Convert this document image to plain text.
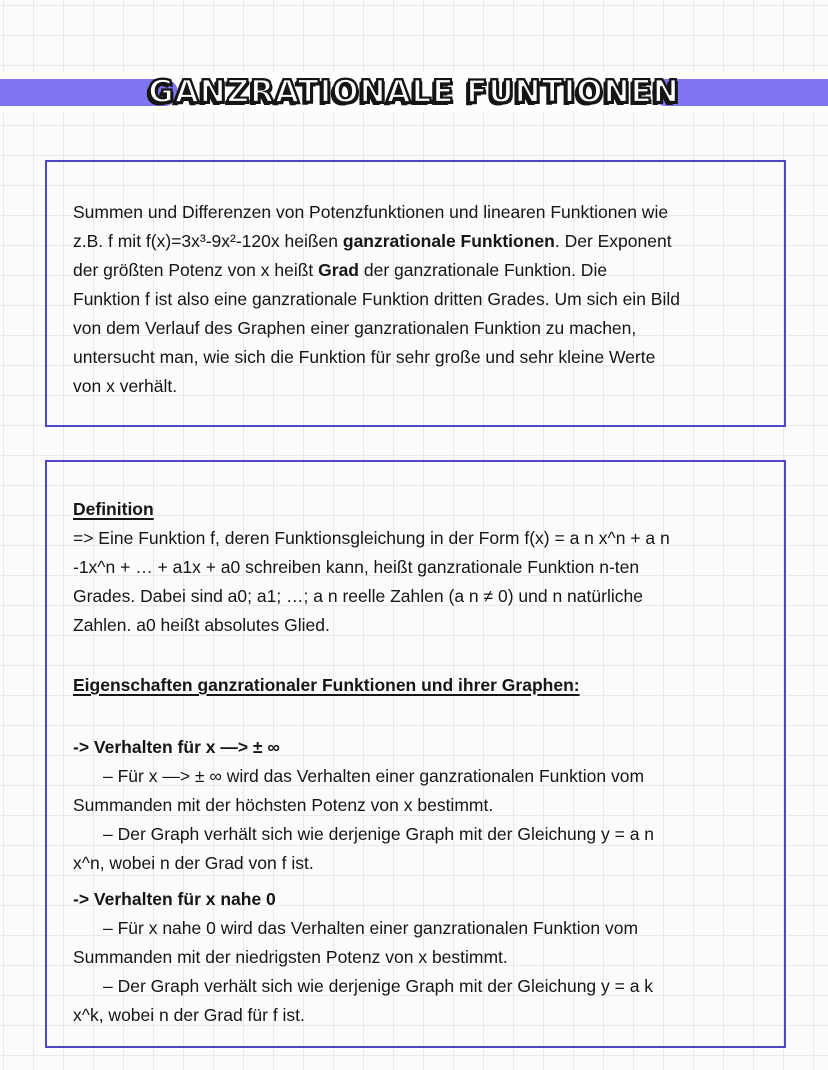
GANZRATIONALE FUNTIONEN
Summen und Differenzen von Potenzfunktionen und linearen Funktionen wie
z.B. f mit f(x)=3x³-9x²-120x heißen ganzrationale Funktionen. Der Exponent
der größten Potenz von x heißt Grad der ganzrationale Funktion. Die
Funktion f ist also eine ganzrationale Funktion dritten Grades. Um sich ein Bild
von dem Verlauf des Graphen einer ganzrationalen Funktion zu machen,
untersucht man, wie sich die Funktion für sehr große und sehr kleine Werte
von x verhält.
Definition
=> Eine Funktion f, deren Funktionsgleichung in der Form f(x) = a n x^n + a n
-1x^n + … + a1x + a0 schreiben kann, heißt ganzrationale Funktion n-ten
Grades. Dabei sind a0; a1; …; a n reelle Zahlen (a n ≠ 0) und n natürliche
Zahlen. a0 heißt absolutes Glied.
Eigenschaften ganzrationaler Funktionen und ihrer Graphen:
-> Verhalten für x —> ± ∞
– Für x —> ± ∞ wird das Verhalten einer ganzrationalen Funktion vom
Summanden mit der höchsten Potenz von x bestimmt.
– Der Graph verhält sich wie derjenige Graph mit der Gleichung y = a n
x^n, wobei n der Grad von f ist.
-> Verhalten für x nahe 0
– Für x nahe 0 wird das Verhalten einer ganzrationalen Funktion vom
Summanden mit der niedrigsten Potenz von x bestimmt.
– Der Graph verhält sich wie derjenige Graph mit der Gleichung y = a k
x^k, wobei n der Grad für f ist.
